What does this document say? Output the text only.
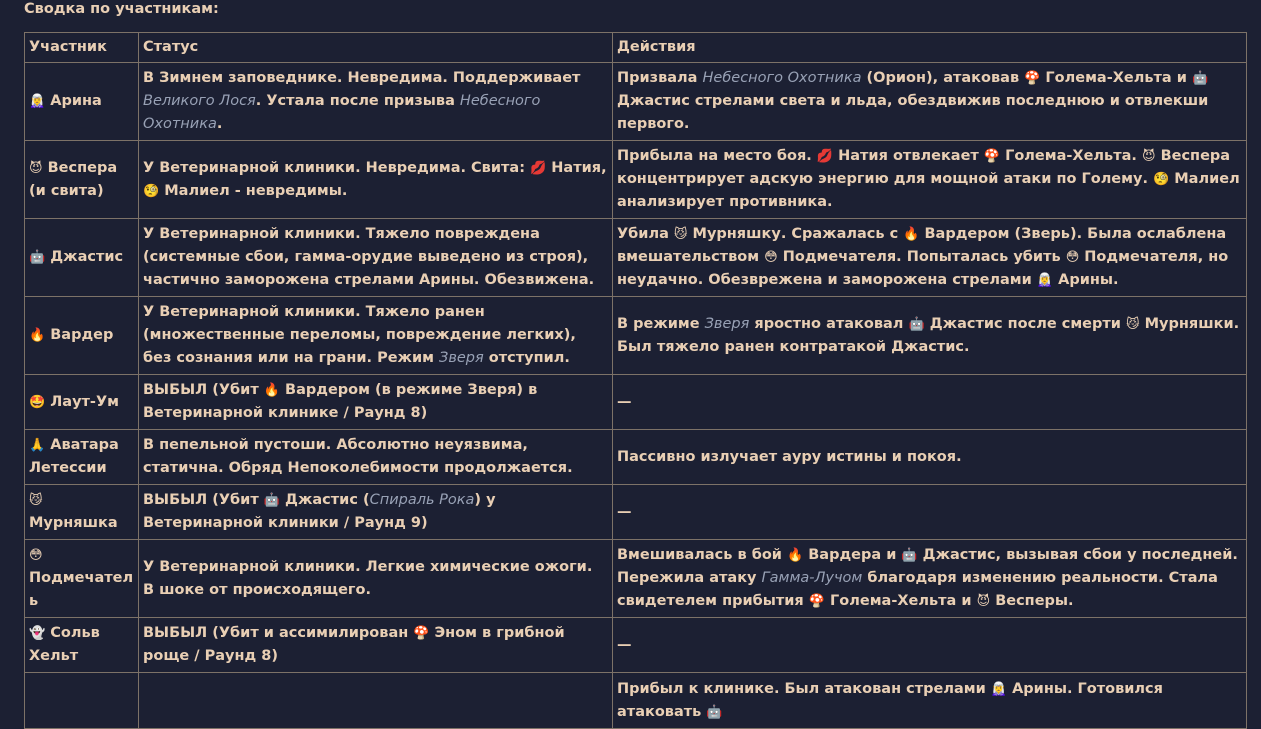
Сводка по участникам:
Участник	Статус	Действия
🧝‍♀️ Арина	В Зимнем заповеднике. Невредима. Поддерживает Великого Лося. Устала после призыва Небесного Охотника.	Призвала Небесного Охотника (Орион), атаковав 🍄 Голема-Хельта и 🤖 Джастис стрелами света и льда, обездвижив последнюю и отвлекши первого.
😈 Веспера (и свита)	У Ветеринарной клиники. Невредима. Свита: 💋 Натия, 🧐 Малиел - невредимы.	Прибыла на место боя. 💋 Натия отвлекает 🍄 Голема-Хельта. 😈 Веспера концентрирует адскую энергию для мощной атаки по Голему. 🧐 Малиел анализирует противника.
🤖 Джастис	У Ветеринарной клиники. Тяжело повреждена (системные сбои, гамма-орудие выведено из строя), частично заморожена стрелами Арины. Обезвижена.	Убила 😼 Мурняшку. Сражалась с 🔥 Вардером (Зверь). Была ослаблена вмешательством 😳 Подмечателя. Попыталась убить 😳 Подмечателя, но неудачно. Обезврежена и заморожена стрелами 🧝‍♀️ Арины.
🔥 Вардер	У Ветеринарной клиники. Тяжело ранен (множественные переломы, повреждение легких), без сознания или на грани. Режим Зверя отступил.	В режиме Зверя яростно атаковал 🤖 Джастис после смерти 😼 Мурняшки. Был тяжело ранен контратакой Джастис.
🤩 Лаут-Ум	ВЫБЫЛ (Убит 🔥 Вардером (в режиме Зверя) в Ветеринарной клинике / Раунд 8)	—
🙏 Аватара Летессии	В пепельной пустоши. Абсолютно неуязвима, статична. Обряд Непоколебимости продолжается.	Пассивно излучает ауру истины и покоя.
😼 Мурняшка	ВЫБЫЛ (Убит 🤖 Джастис (Спираль Рока) у Ветеринарной клиники / Раунд 9)	—
😳 Подмечатель	У Ветеринарной клиники. Легкие химические ожоги. В шоке от происходящего.	Вмешивалась в бой 🔥 Вардера и 🤖 Джастис, вызывая сбои у последней. Пережила атаку Гамма-Лучом благодаря изменению реальности. Стала свидетелем прибытия 🍄 Голема-Хельта и 😈 Весперы.
👻 Сольв Хельт	ВЫБЫЛ (Убит и ассимилирован 🍄 Эном в грибной роще / Раунд 8)	—
		Прибыл к клинике. Был атакован стрелами 🧝‍♀️ Арины. Готовился атаковать 🤖
